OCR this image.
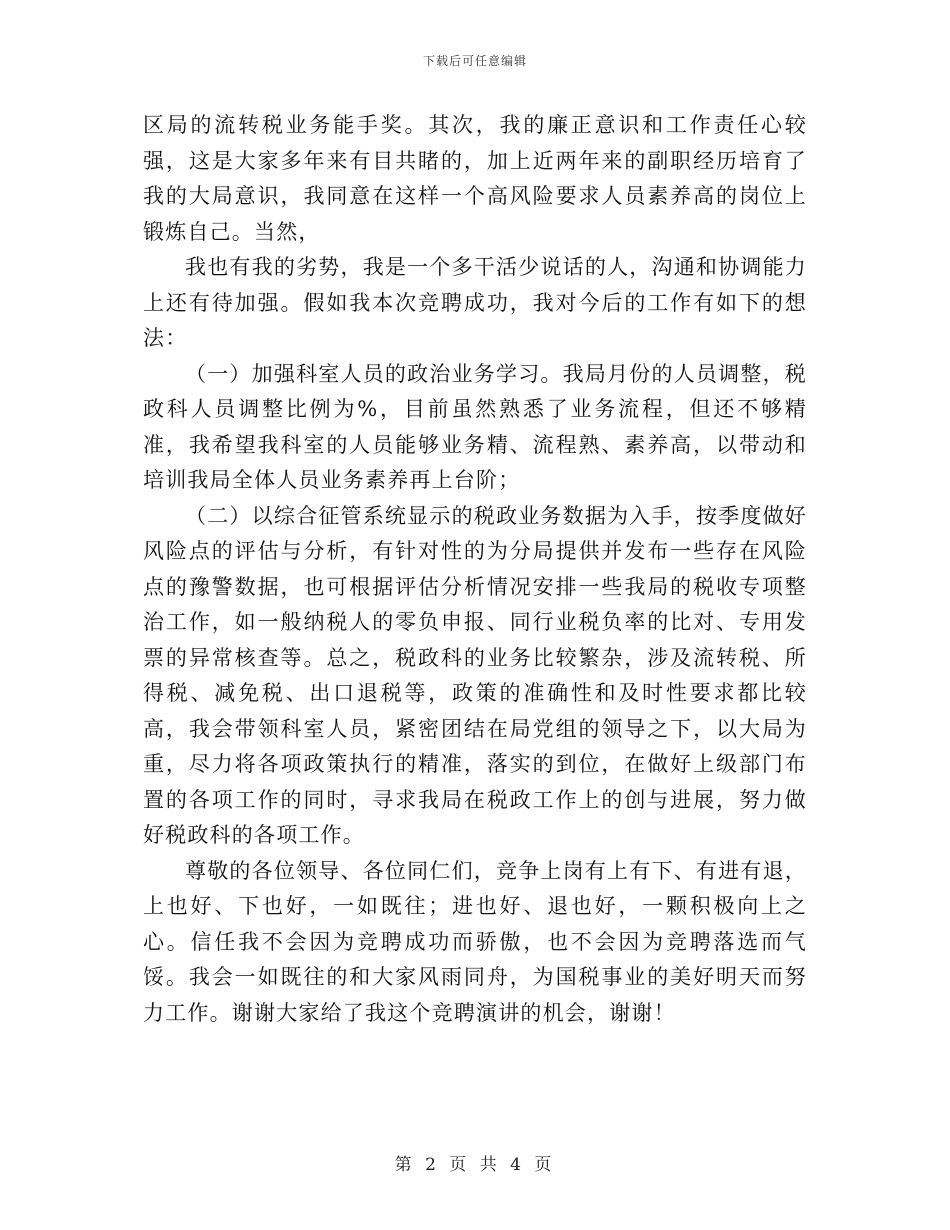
下载后可任意编辑

区局的流转税业务能手奖。其次，我的廉正意识和工作责任心较强，这是大家多年来有目共睹的，加上近两年来的副职经历培育了我的大局意识，我同意在这样一个高风险要求人员素养高的岗位上锻炼自己。当然，

我也有我的劣势，我是一个多干活少说话的人，沟通和协调能力上还有待加强。假如我本次竞聘成功，我对今后的工作有如下的想法：

（一）加强科室人员的政治业务学习。我局月份的人员调整，税政科人员调整比例为%，目前虽然熟悉了业务流程，但还不够精准，我希望我科室的人员能够业务精、流程熟、素养高，以带动和培训我局全体人员业务素养再上台阶；

（二）以综合征管系统显示的税政业务数据为入手，按季度做好风险点的评估与分析，有针对性的为分局提供并发布一些存在风险点的豫警数据，也可根据评估分析情况安排一些我局的税收专项整治工作，如一般纳税人的零负申报、同行业税负率的比对、专用发票的异常核查等。总之，税政科的业务比较繁杂，涉及流转税、所得税、减免税、出口退税等，政策的准确性和及时性要求都比较高，我会带领科室人员，紧密团结在局党组的领导之下，以大局为重，尽力将各项政策执行的精准，落实的到位，在做好上级部门布置的各项工作的同时，寻求我局在税政工作上的创与进展，努力做好税政科的各项工作。

尊敬的各位领导、各位同仁们，竞争上岗有上有下、有进有退，上也好、下也好，一如既往；进也好、退也好，一颗积极向上之心。信任我不会因为竞聘成功而骄傲，也不会因为竞聘落选而气馁。我会一如既往的和大家风雨同舟，为国税事业的美好明天而努力工作。谢谢大家给了我这个竞聘演讲的机会，谢谢！

第 2 页 共 4 页
